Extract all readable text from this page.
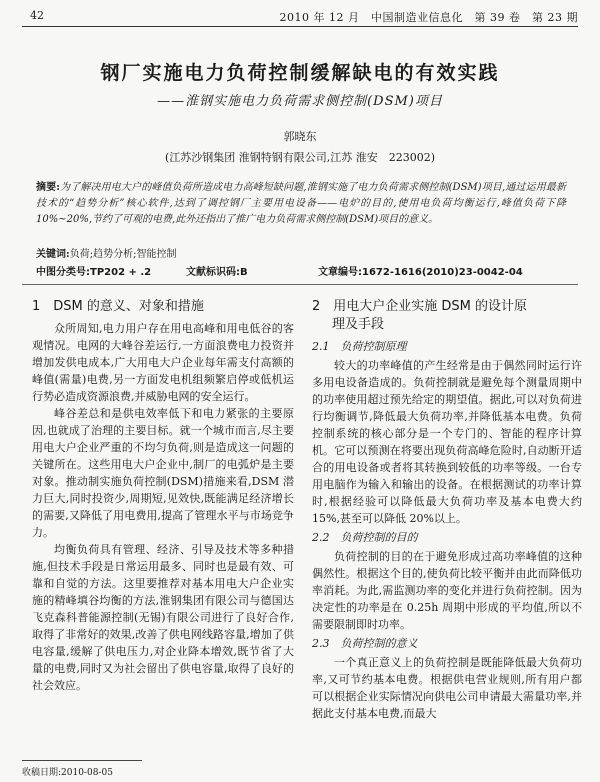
42	2010 年 12 月　中国制造业信息化　第 39 卷　第 23 期
钢厂实施电力负荷控制缓解缺电的有效实践
——淮钢实施电力负荷需求侧控制(DSM)项目
郭晓东
(江苏沙钢集团 淮钢特钢有限公司,江苏 淮安　223002)
摘要:为了解决用电大户的峰值负荷所造成电力高峰短缺问题,淮钢实施了电力负荷需求侧控制(DSM)项目,通过运用最新技术的“趋势分析”核心软件,达到了调控钢厂主要用电设备——电炉的目的,使用电负荷均衡运行,峰值负荷下降 10%~20%,节约了可观的电费,此外还指出了推广电力负荷需求侧控制(DSM)项目的意义。
关键词:负荷;趋势分析;智能控制
中图分类号:TP202 + .2	文献标识码:B	文章编号:1672-1616(2010)23-0042-04
1　DSM 的意义、对象和措施

众所周知,电力用户存在用电高峰和用电低谷的客观情况。电网的大峰谷差运行,一方面浪费电力投资并增加发供电成本,广大用电大户企业每年需支付高额的峰值(需量)电费,另一方面发电机组频繁启停或低机运行势必造成资源浪费,并威胁电网的安全运行。

峰谷差总和是供电效率低下和电力紧张的主要原因,也就成了治理的主要目标。就一个城市而言,尽主要用电大户企业严重的不均匀负荷,则是造成这一问题的关键所在。这些用电大户企业中,制厂的电弧炉是主要对象。推动制实施负荷控制(DSM)措施来看,DSM 潜力巨大,同时投资少,周期短,见效快,既能满足经济增长的需要,又降低了用电费用,提高了管理水平与市场竞争力。

均衡负荷具有管理、经济、引导及技术等多种措施,但技术手段是日常运用最多、同时也是最有效、可靠和自觉的方法。这里要推荐对基本用电大户企业实施的精峰填谷均衡的方法,淮钢集团有限公司与德国达飞克森科普能源控制(无锡)有限公司进行了良好合作,取得了非常好的效果,改善了供电网线路容量,增加了供电容量,缓解了供电压力,对企业降本增效,既节省了大量的电费,同时又为社会留出了供电容量,取得了良好的社会效应。

2　用电大户企业实施 DSM 的设计原
理及手段
2.1　负荷控制原理

较大的功率峰值的产生经常是由于偶然同时运行许多用电设备造成的。负荷控制就是避免每个测量周期中的功率使用超过预先给定的期望值。据此,可以对负荷进行均衡调节,降低最大负荷功率,并降低基本电费。负荷控制系统的核心部分是一个专门的、智能的程序计算机。它可以预测在将要出现负荷高峰危险时,自动断开适合的用电设备或者将其转换到较低的功率等级。一台专用电脑作为输入和输出的设备。在根据测试的功率计算时,根据经验可以降低最大负荷功率及基本电费大约 15%,甚至可以降低 20%以上。

2.2　负荷控制的目的

负荷控制的目的在于避免形成过高功率峰值的这种偶然性。根据这个目的,使负荷比较平衡并由此而降低功率消耗。为此,需监测功率的变化并进行负荷控制。因为决定性的功率是在 0.25h 周期中形成的平均值,所以不需要限制即时功率。

2.3　负荷控制的意义

一个真正意义上的负荷控制是既能降低最大负荷功率,又可节约基本电费。根据供电营业规则,所有用户都可以根据企业实际情况向供电公司申请最大需量功率,并据此支付基本电费,而最大

收稿日期:2010-08-05
